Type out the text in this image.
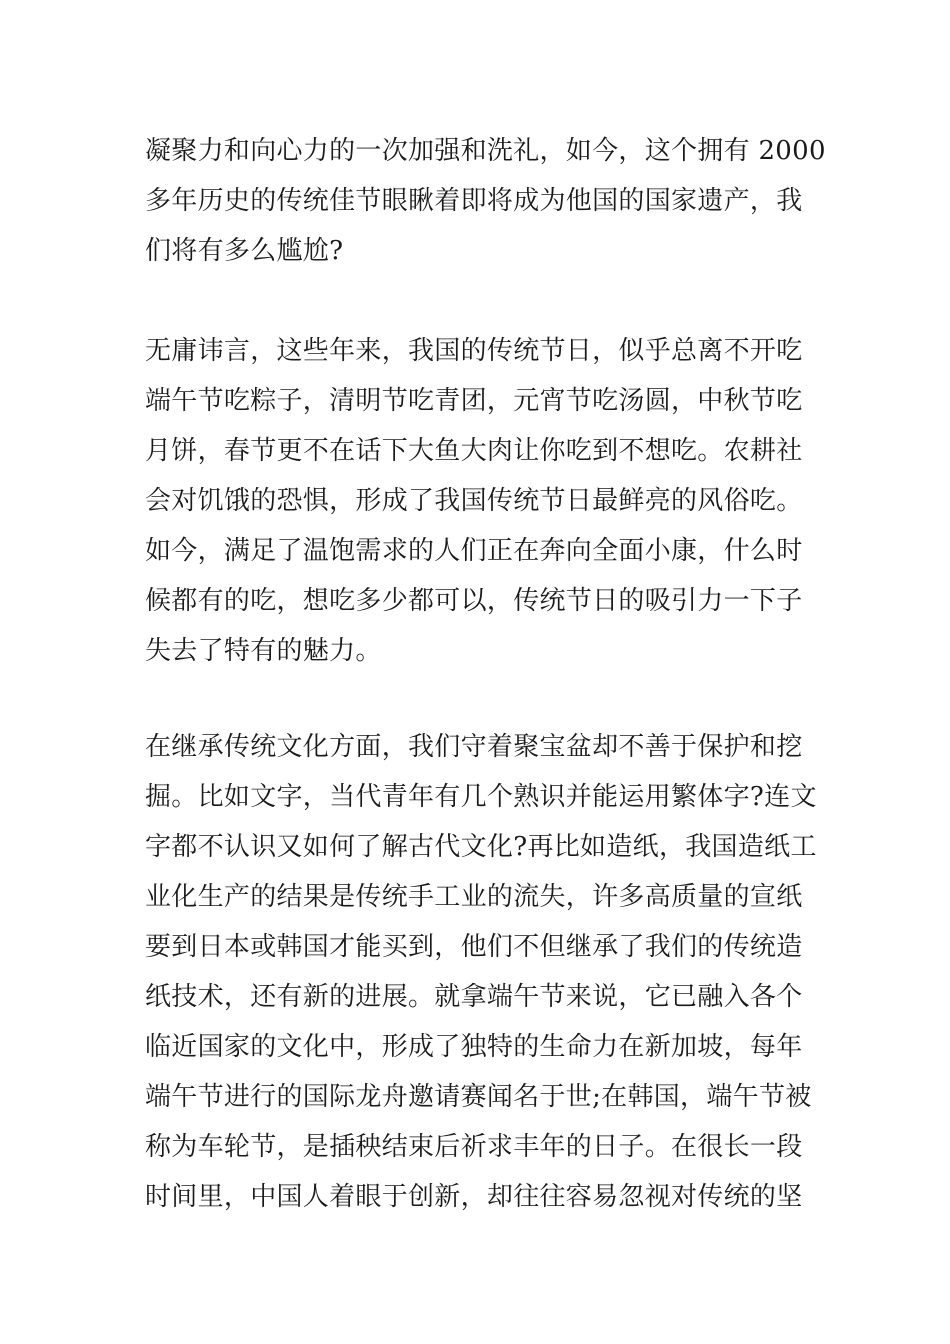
凝聚力和向心力的一次加强和洗礼，如今，这个拥有 2000
多年历史的传统佳节眼瞅着即将成为他国的国家遗产，我
们将有多么尴尬?
无庸讳言，这些年来，我国的传统节日，似乎总离不开吃
端午节吃粽子，清明节吃青团，元宵节吃汤圆，中秋节吃
月饼，春节更不在话下大鱼大肉让你吃到不想吃。农耕社
会对饥饿的恐惧，形成了我国传统节日最鲜亮的风俗吃。
如今，满足了温饱需求的人们正在奔向全面小康，什么时
候都有的吃，想吃多少都可以，传统节日的吸引力一下子
失去了特有的魅力。
在继承传统文化方面，我们守着聚宝盆却不善于保护和挖
掘。比如文字，当代青年有几个熟识并能运用繁体字?连文
字都不认识又如何了解古代文化?再比如造纸，我国造纸工
业化生产的结果是传统手工业的流失，许多高质量的宣纸
要到日本或韩国才能买到，他们不但继承了我们的传统造
纸技术，还有新的进展。就拿端午节来说，它已融入各个
临近国家的文化中，形成了独特的生命力在新加坡，每年
端午节进行的国际龙舟邀请赛闻名于世;在韩国，端午节被
称为车轮节，是插秧结束后祈求丰年的日子。在很长一段
时间里，中国人着眼于创新，却往往容易忽视对传统的坚
